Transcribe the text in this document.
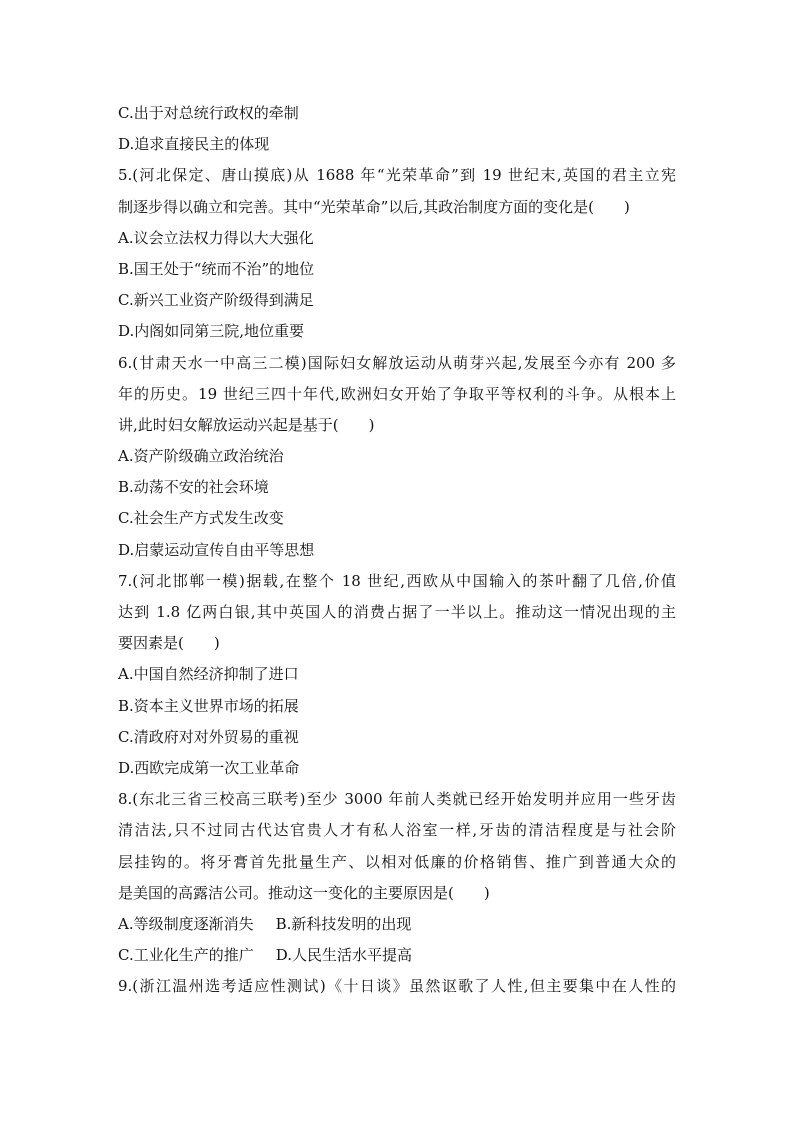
C.出于对总统行政权的牵制
D.追求直接民主的体现
5.(河北保定、唐山摸底)从 1688 年“光荣革命”到 19 世纪末,英国的君主立宪
制逐步得以确立和完善。其中“光荣革命”以后,其政治制度方面的变化是(　　)
A.议会立法权力得以大大强化
B.国王处于“统而不治”的地位
C.新兴工业资产阶级得到满足
D.内阁如同第三院,地位重要
6.(甘肃天水一中高三二模)国际妇女解放运动从萌芽兴起,发展至今亦有 200 多
年的历史。19 世纪三四十年代,欧洲妇女开始了争取平等权利的斗争。从根本上
讲,此时妇女解放运动兴起是基于(　　)
A.资产阶级确立政治统治
B.动荡不安的社会环境
C.社会生产方式发生改变
D.启蒙运动宣传自由平等思想
7.(河北邯郸一模)据载,在整个 18 世纪,西欧从中国输入的茶叶翻了几倍,价值
达到 1.8 亿两白银,其中英国人的消费占据了一半以上。推动这一情况出现的主
要因素是(　　)
A.中国自然经济抑制了进口
B.资本主义世界市场的拓展
C.清政府对对外贸易的重视
D.西欧完成第一次工业革命
8.(东北三省三校高三联考)至少 3000 年前人类就已经开始发明并应用一些牙齿
清洁法,只不过同古代达官贵人才有私人浴室一样,牙齿的清洁程度是与社会阶
层挂钩的。将牙膏首先批量生产、以相对低廉的价格销售、推广到普通大众的
是美国的高露洁公司。推动这一变化的主要原因是(　　)
A.等级制度逐渐消失 B.新科技发明的出现
C.工业化生产的推广 D.人民生活水平提高
9.(浙江温州选考适应性测试)《十日谈》虽然讴歌了人性,但主要集中在人性的
